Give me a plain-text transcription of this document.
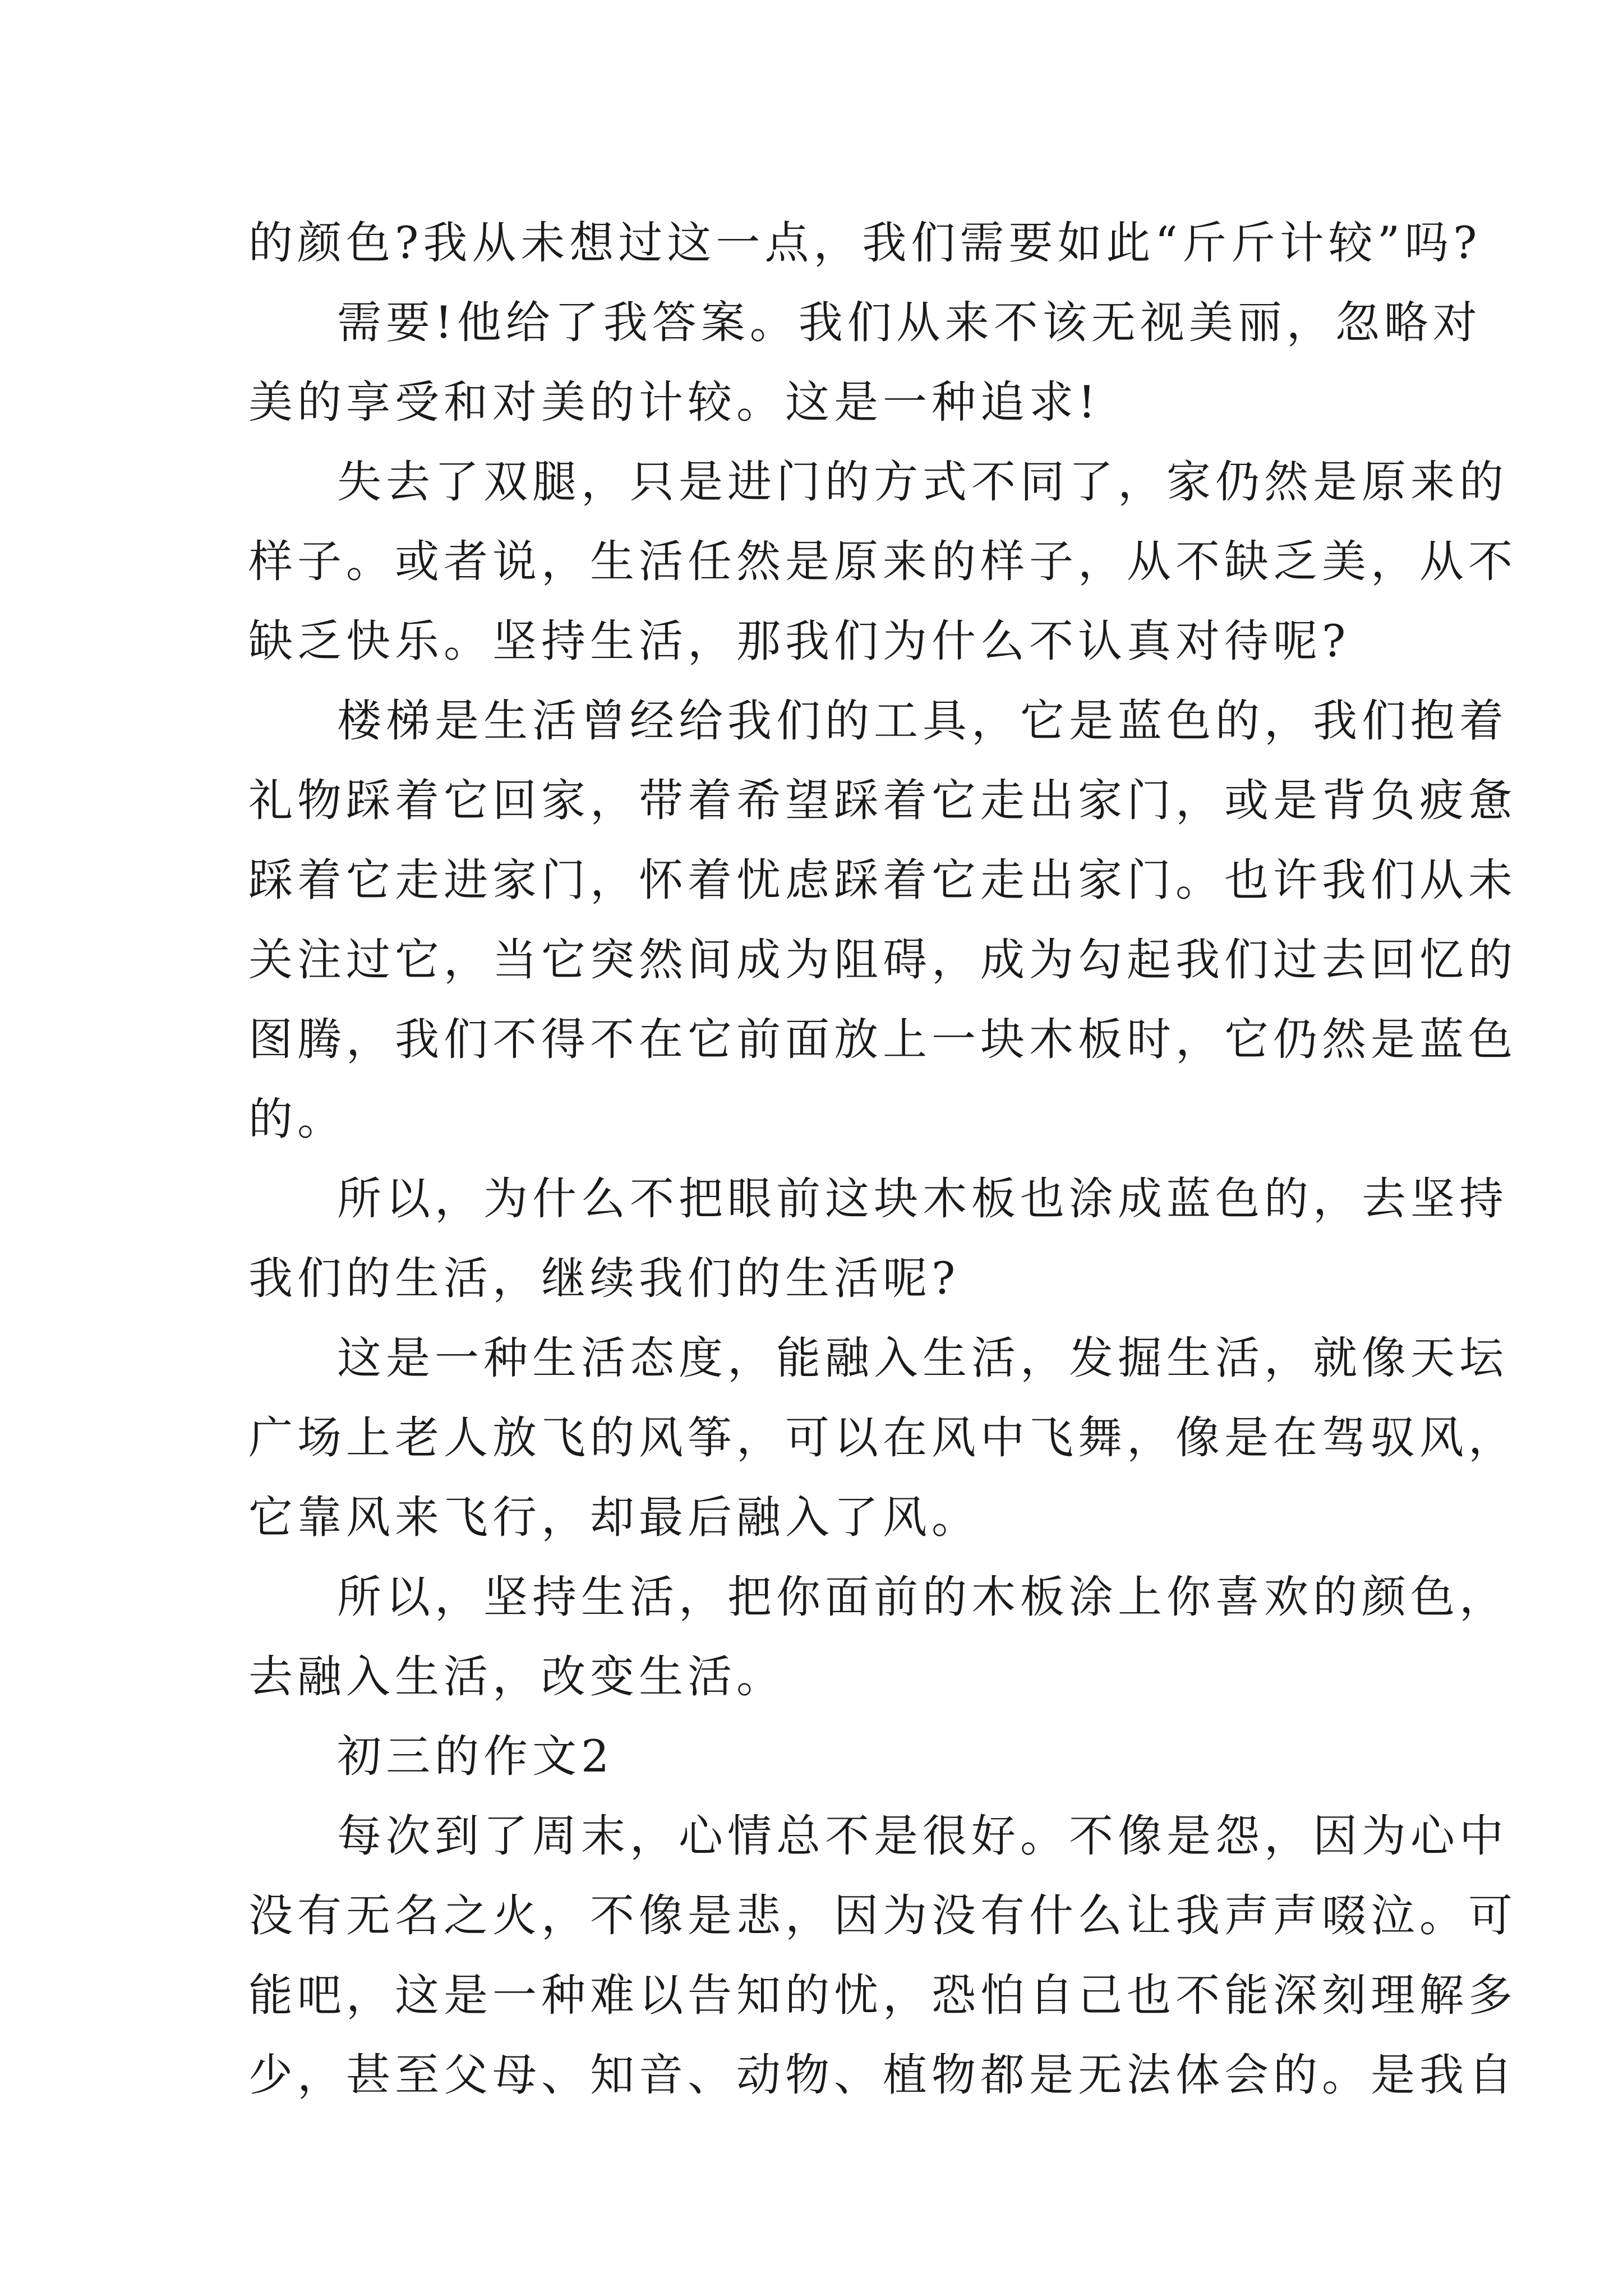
的颜色?我从未想过这一点，我们需要如此“斤斤计较”吗?
需要!他给了我答案。我们从来不该无视美丽，忽略对
美的享受和对美的计较。这是一种追求!
失去了双腿，只是进门的方式不同了，家仍然是原来的
样子。或者说，生活任然是原来的样子，从不缺乏美，从不
缺乏快乐。坚持生活，那我们为什么不认真对待呢?
楼梯是生活曾经给我们的工具，它是蓝色的，我们抱着
礼物踩着它回家，带着希望踩着它走出家门，或是背负疲惫
踩着它走进家门，怀着忧虑踩着它走出家门。也许我们从未
关注过它，当它突然间成为阻碍，成为勾起我们过去回忆的
图腾，我们不得不在它前面放上一块木板时，它仍然是蓝色
的。
所以，为什么不把眼前这块木板也涂成蓝色的，去坚持
我们的生活，继续我们的生活呢?
这是一种生活态度，能融入生活，发掘生活，就像天坛
广场上老人放飞的风筝，可以在风中飞舞，像是在驾驭风，
它靠风来飞行，却最后融入了风。
所以，坚持生活，把你面前的木板涂上你喜欢的颜色，
去融入生活，改变生活。
初三的作文2
每次到了周末，心情总不是很好。不像是怨，因为心中
没有无名之火，不像是悲，因为没有什么让我声声啜泣。可
能吧，这是一种难以告知的忧，恐怕自己也不能深刻理解多
少，甚至父母、知音、动物、植物都是无法体会的。是我自
